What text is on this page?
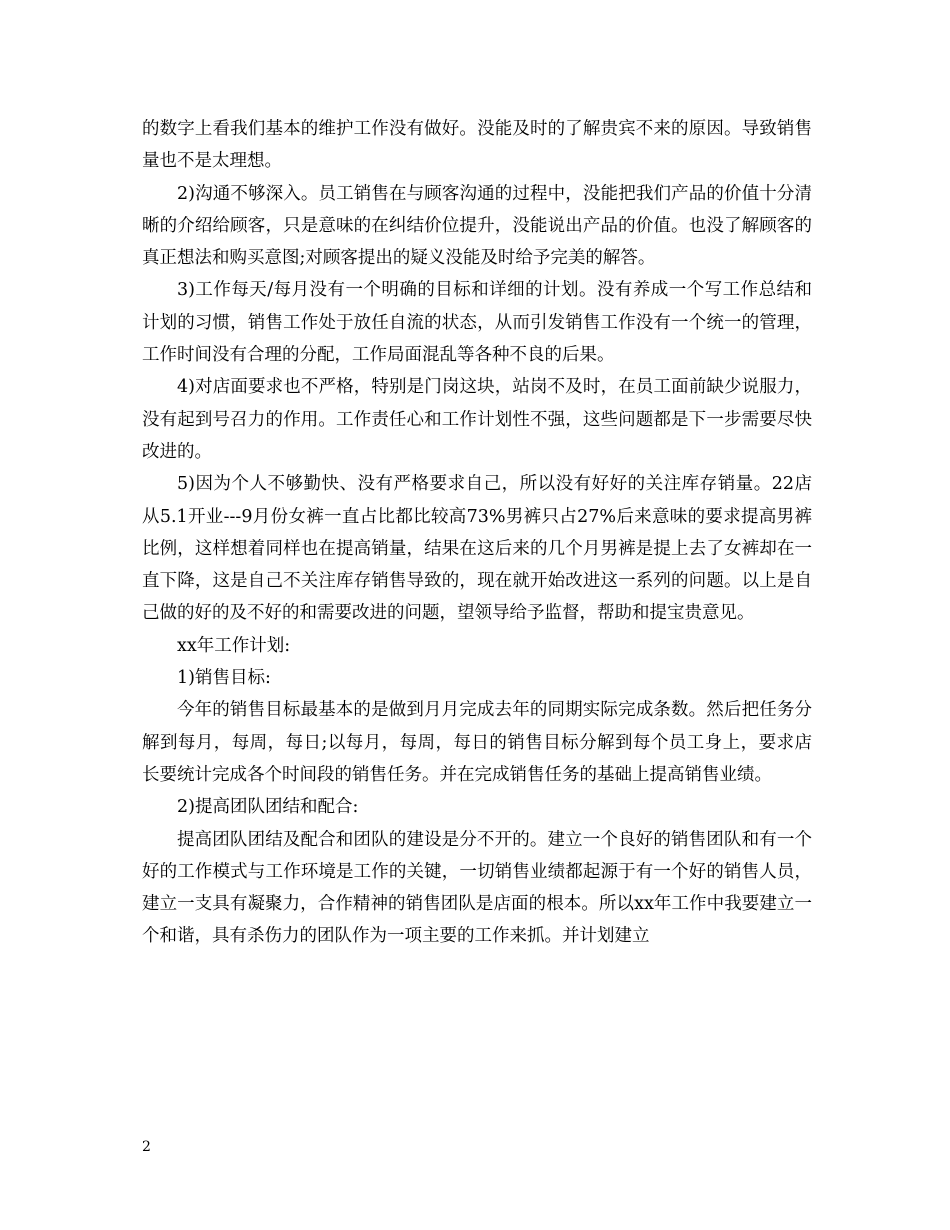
的数字上看我们基本的维护工作没有做好。没能及时的了解贵宾不来的原因。导致销售量也不是太理想。

2)沟通不够深入。员工销售在与顾客沟通的过程中，没能把我们产品的价值十分清晰的介绍给顾客，只是意味的在纠结价位提升，没能说出产品的价值。也没了解顾客的真正想法和购买意图;对顾客提出的疑义没能及时给予完美的解答。

3)工作每天/每月没有一个明确的目标和详细的计划。没有养成一个写工作总结和计划的习惯，销售工作处于放任自流的状态，从而引发销售工作没有一个统一的管理，工作时间没有合理的分配，工作局面混乱等各种不良的后果。

4)对店面要求也不严格，特别是门岗这块，站岗不及时，在员工面前缺少说服力，没有起到号召力的作用。工作责任心和工作计划性不强，这些问题都是下一步需要尽快改进的。

5)因为个人不够勤快、没有严格要求自己，所以没有好好的关注库存销量。22店从5.1开业---9月份女裤一直占比都比较高73%男裤只占27%后来意味的要求提高男裤比例，这样想着同样也在提高销量，结果在这后来的几个月男裤是提上去了女裤却在一直下降，这是自己不关注库存销售导致的，现在就开始改进这一系列的问题。以上是自己做的好的及不好的和需要改进的问题，望领导给予监督，帮助和提宝贵意见。

xx年工作计划:

1)销售目标:

今年的销售目标最基本的是做到月月完成去年的同期实际完成条数。然后把任务分解到每月，每周，每日;以每月，每周，每日的销售目标分解到每个员工身上，要求店长要统计完成各个时间段的销售任务。并在完成销售任务的基础上提高销售业绩。

2)提高团队团结和配合:

提高团队团结及配合和团队的建设是分不开的。建立一个良好的销售团队和有一个好的工作模式与工作环境是工作的关键，一切销售业绩都起源于有一个好的销售人员，建立一支具有凝聚力，合作精神的销售团队是店面的根本。所以xx年工作中我要建立一个和谐，具有杀伤力的团队作为一项主要的工作来抓。并计划建立

2
